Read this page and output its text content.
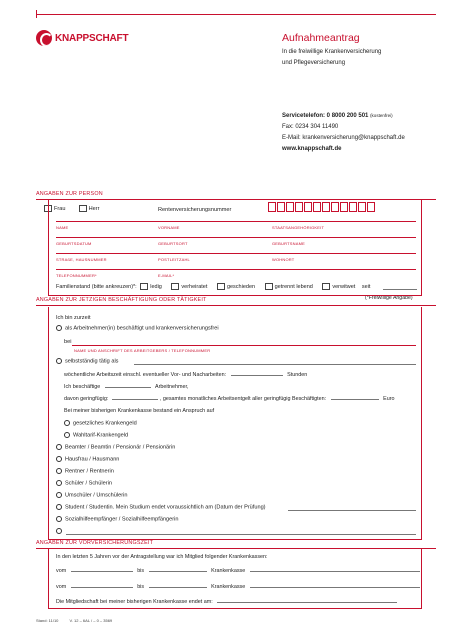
KNAPPSCHAFT	Aufnahmeantrag
In die freiwillige Krankenversicherung
und Pflegeversicherung
Servicetelefon: 0 8000 200 501 (kostenfrei)
Fax: 0234 304 11490
E-Mail: krankenversicherung@knappschaft.de
www.knappschaft.de
ANGABEN ZUR PERSON
Frau	Herr	Rentenversicherungsnummer
NAME	VORNAME	STAATSANGEHÖRIGKEIT
GEBURTSDATUM	GEBURTSORT	GEBURTSNAME
STRAßE, HAUSNUMMER	POSTLEITZAHL	WOHNORT
TELEFONNUMMER*	E-MAIL*
Familienstand (bitte ankreuzen)*: ledig	verheiratet	geschieden	getrennt lebend	verwitwet seit
(*Freiwillige Angabe)
ANGABEN ZUR JETZIGEN BESCHÄFTIGUNG ODER TÄTIGKEIT
Ich bin zurzeit
als Arbeitnehmer(in) beschäftigt und krankenversicherungsfrei
bei
NAME UND ANSCHRIFT DES ARBEITGEBERS / TELEFONNUMMER
selbstständig tätig als
wöchentliche Arbeitszeit einschl. eventueller Vor- und Nacharbeiten:	Stunden
Ich beschäftige	Arbeitnehmer,
davon geringfügig:	, gesamtes monatliches Arbeitsentgelt aller geringfügig Beschäftigten:	Euro
Bei meiner bisherigen Krankenkasse bestand ein Anspruch auf
gesetzliches Krankengeld
Wahltarif-Krankengeld
Beamter / Beamtin / Pensionär / Pensionärin
Hausfrau / Hausmann
Rentner / Rentnerin
Schüler / Schülerin
Umschüler / Umschülerin
Student / Studentin. Mein Studium endet voraussichtlich am (Datum der Prüfung)
Sozialhilfeempfänger / Sozialhilfeempfängerin
ANGABEN ZUR VORVERSICHERUNGSZEIT
In den letzten 5 Jahren vor der Antragstellung war ich Mitglied folgender Krankenkassen:
vom	bis	Krankenkasse
vom	bis	Krankenkasse
Die Mitgliedschaft bei meiner bisherigen Krankenkasse endet am:
Stand: 11/10	V. 12 – 6AL / – 0 – 3569
